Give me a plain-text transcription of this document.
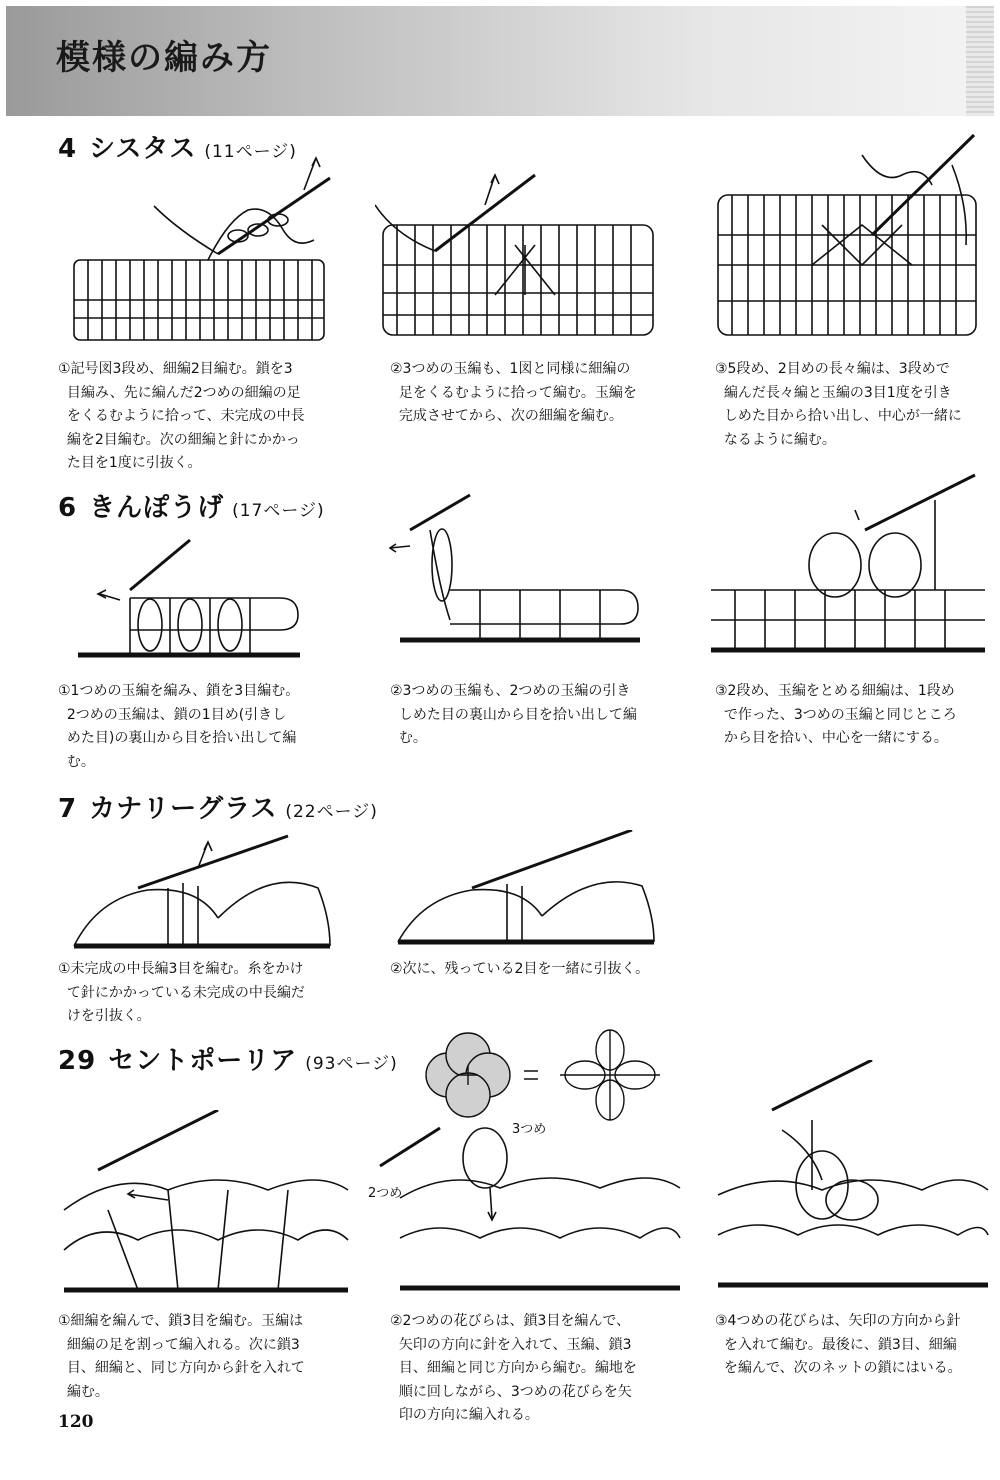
模様の編み方
4 シスタス (11ページ)
①記号図3段め、細編2目編む。鎖を3
目編み、先に編んだ2つめの細編の足
をくるむように拾って、未完成の中長
編を2目編む。次の細編と針にかかっ
た目を1度に引抜く。
②3つめの玉編も、1図と同様に細編の
足をくるむように拾って編む。玉編を
完成させてから、次の細編を編む。
③5段め、2目めの長々編は、3段めで
編んだ長々編と玉編の3目1度を引き
しめた目から拾い出し、中心が一緒に
なるように編む。
6 きんぽうげ (17ページ)
①1つめの玉編を編み、鎖を3目編む。
2つめの玉編は、鎖の1目め(引きし
めた目)の裏山から目を拾い出して編
む。
②3つめの玉編も、2つめの玉編の引き
しめた目の裏山から目を拾い出して編
む。
③2段め、玉編をとめる細編は、1段め
で作った、3つめの玉編と同じところ
から目を拾い、中心を一緒にする。
7 カナリーグラス (22ページ)
①未完成の中長編3目を編む。糸をかけ
て針にかかっている未完成の中長編だ
けを引抜く。
②次に、残っている2目を一緒に引抜く。
29 セントポーリア (93ページ)
3つめ
2つめ
①細編を編んで、鎖3目を編む。玉編は
細編の足を割って編入れる。次に鎖3
目、細編と、同じ方向から針を入れて
編む。
②2つめの花びらは、鎖3目を編んで、
矢印の方向に針を入れて、玉編、鎖3
目、細編と同じ方向から編む。編地を
順に回しながら、3つめの花びらを矢
印の方向に編入れる。
③4つめの花びらは、矢印の方向から針
を入れて編む。最後に、鎖3目、細編
を編んで、次のネットの鎖にはいる。
120
